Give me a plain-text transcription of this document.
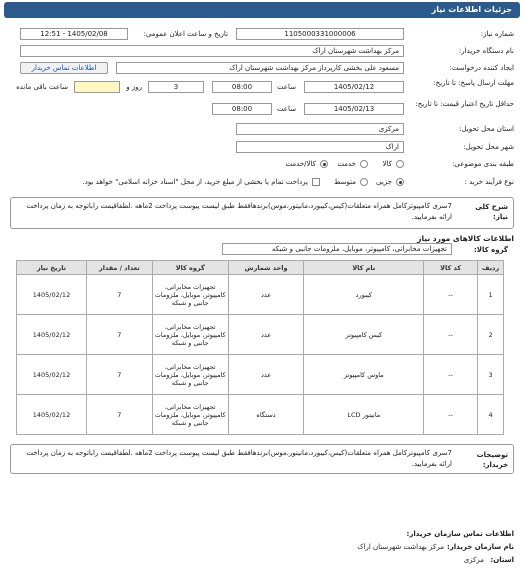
جزئیات اطلاعات نیاز
شماره نیاز:
1105000331000006
تاریخ و ساعت اعلان عمومی:
1405/02/08 - 12:51
نام دستگاه خریدار:
مرکز بهداشت شهرستان اراک
ایجاد کننده درخواست:
مسعود علی بخشی کارپرداز مرکز بهداشت شهرستان اراک
اطلاعات تماس خریدار
مهلت ارسال پاسخ: تا تاریخ:
1405/02/12
ساعت
08:00
3
روز و
ساعت باقی مانده
حداقل تاریخ اعتبار قیمت: تا تاریخ:
1405/02/13
ساعت
08:00
استان محل تحویل:
مرکزی
شهر محل تحویل:
اراک
طبقه بندی موضوعی:
کالا
خدمت
کالا/خدمت
نوع فرآیند خرید :
جزیی
متوسط
پرداخت تمام یا بخشی از مبلغ خرید، از محل "اسناد خزانه اسلامی" خواهد بود.
شرح کلی نیاز:
7سری کامپیوترکامل همراه متعلقات(کیس،کیبورد،مانیتور،موس)برندهافقط طبق لیست پیوست پرداخت 2ماهه .لطفاقیمت راباتوجه به زمان پرداخت ارائه بفرمایید.
اطلاعات کالاهای مورد نیاز
گروه کالا:
تجهیزات مخابراتی، کامپیوتر، موبایل، ملزومات جانبی و شبکه
ردیف	کد کالا	نام کالا	واحد شمارش	گروه کالا	تعداد / مقدار	تاریخ نیاز
1	--	کیبورد	عدد	تجهیزات مخابراتی، کامپیوتر، موبایل، ملزومات جانبی و شبکه	7	1405/02/12
2	--	کیس کامپیوتر	عدد	تجهیزات مخابراتی، کامپیوتر، موبایل، ملزومات جانبی و شبکه	7	1405/02/12
3	--	ماوس کامپیوتر	عدد	تجهیزات مخابراتی، کامپیوتر، موبایل، ملزومات جانبی و شبکه	7	1405/02/12
4	--	مانیتور LCD	دستگاه	تجهیزات مخابراتی، کامپیوتر، موبایل، ملزومات جانبی و شبکه	7	1405/02/12
توضیحات خریدار:
7سری کامپیوترکامل همراه متعلقات(کیس،کیبورد،مانیتور،موس)برندهافقط طبق لیست پیوست پرداخت 2ماهه .لطفاقیمت راباتوجه به زمان پرداخت ارائه بفرمایید.
اطلاعات تماس سازمان خریدار:
نام سازمان خریدار:
مرکز بهداشت شهرستان اراک
استان:
مرکزی
